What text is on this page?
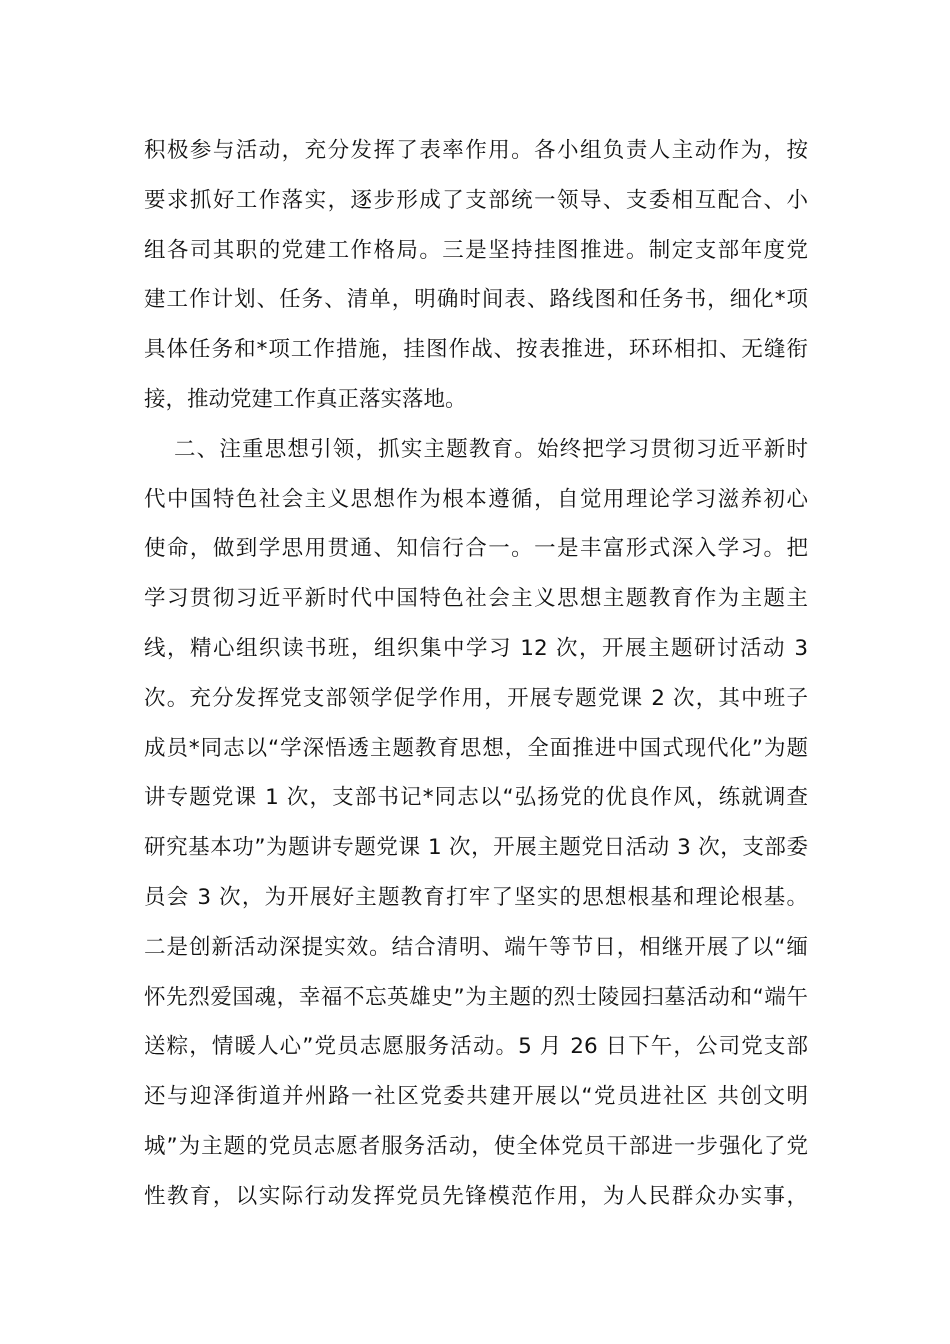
积极参与活动，充分发挥了表率作用。各小组负责人主动作为，按
要求抓好工作落实，逐步形成了支部统一领导、支委相互配合、小
组各司其职的党建工作格局。三是坚持挂图推进。制定支部年度党
建工作计划、任务、清单，明确时间表、路线图和任务书，细化*项
具体任务和*项工作措施，挂图作战、按表推进，环环相扣、无缝衔
接，推动党建工作真正落实落地。
二、注重思想引领，抓实主题教育。始终把学习贯彻习近平新时
代中国特色社会主义思想作为根本遵循，自觉用理论学习滋养初心
使命，做到学思用贯通、知信行合一。一是丰富形式深入学习。把
学习贯彻习近平新时代中国特色社会主义思想主题教育作为主题主
线，精心组织读书班，组织集中学习 12 次，开展主题研讨活动 3
次。充分发挥党支部领学促学作用，开展专题党课 2 次，其中班子
成员*同志以“学深悟透主题教育思想，全面推进中国式现代化”为题
讲专题党课 1 次，支部书记*同志以“弘扬党的优良作风，练就调查
研究基本功”为题讲专题党课 1 次，开展主题党日活动 3 次，支部委
员会 3 次，为开展好主题教育打牢了坚实的思想根基和理论根基。
二是创新活动深提实效。结合清明、端午等节日，相继开展了以“缅
怀先烈爱国魂，幸福不忘英雄史”为主题的烈士陵园扫墓活动和“端午
送粽，情暖人心”党员志愿服务活动。5 月 26 日下午，公司党支部
还与迎泽街道并州路一社区党委共建开展以“党员进社区 共创文明
城”为主题的党员志愿者服务活动，使全体党员干部进一步强化了党
性教育，以实际行动发挥党员先锋模范作用，为人民群众办实事，
